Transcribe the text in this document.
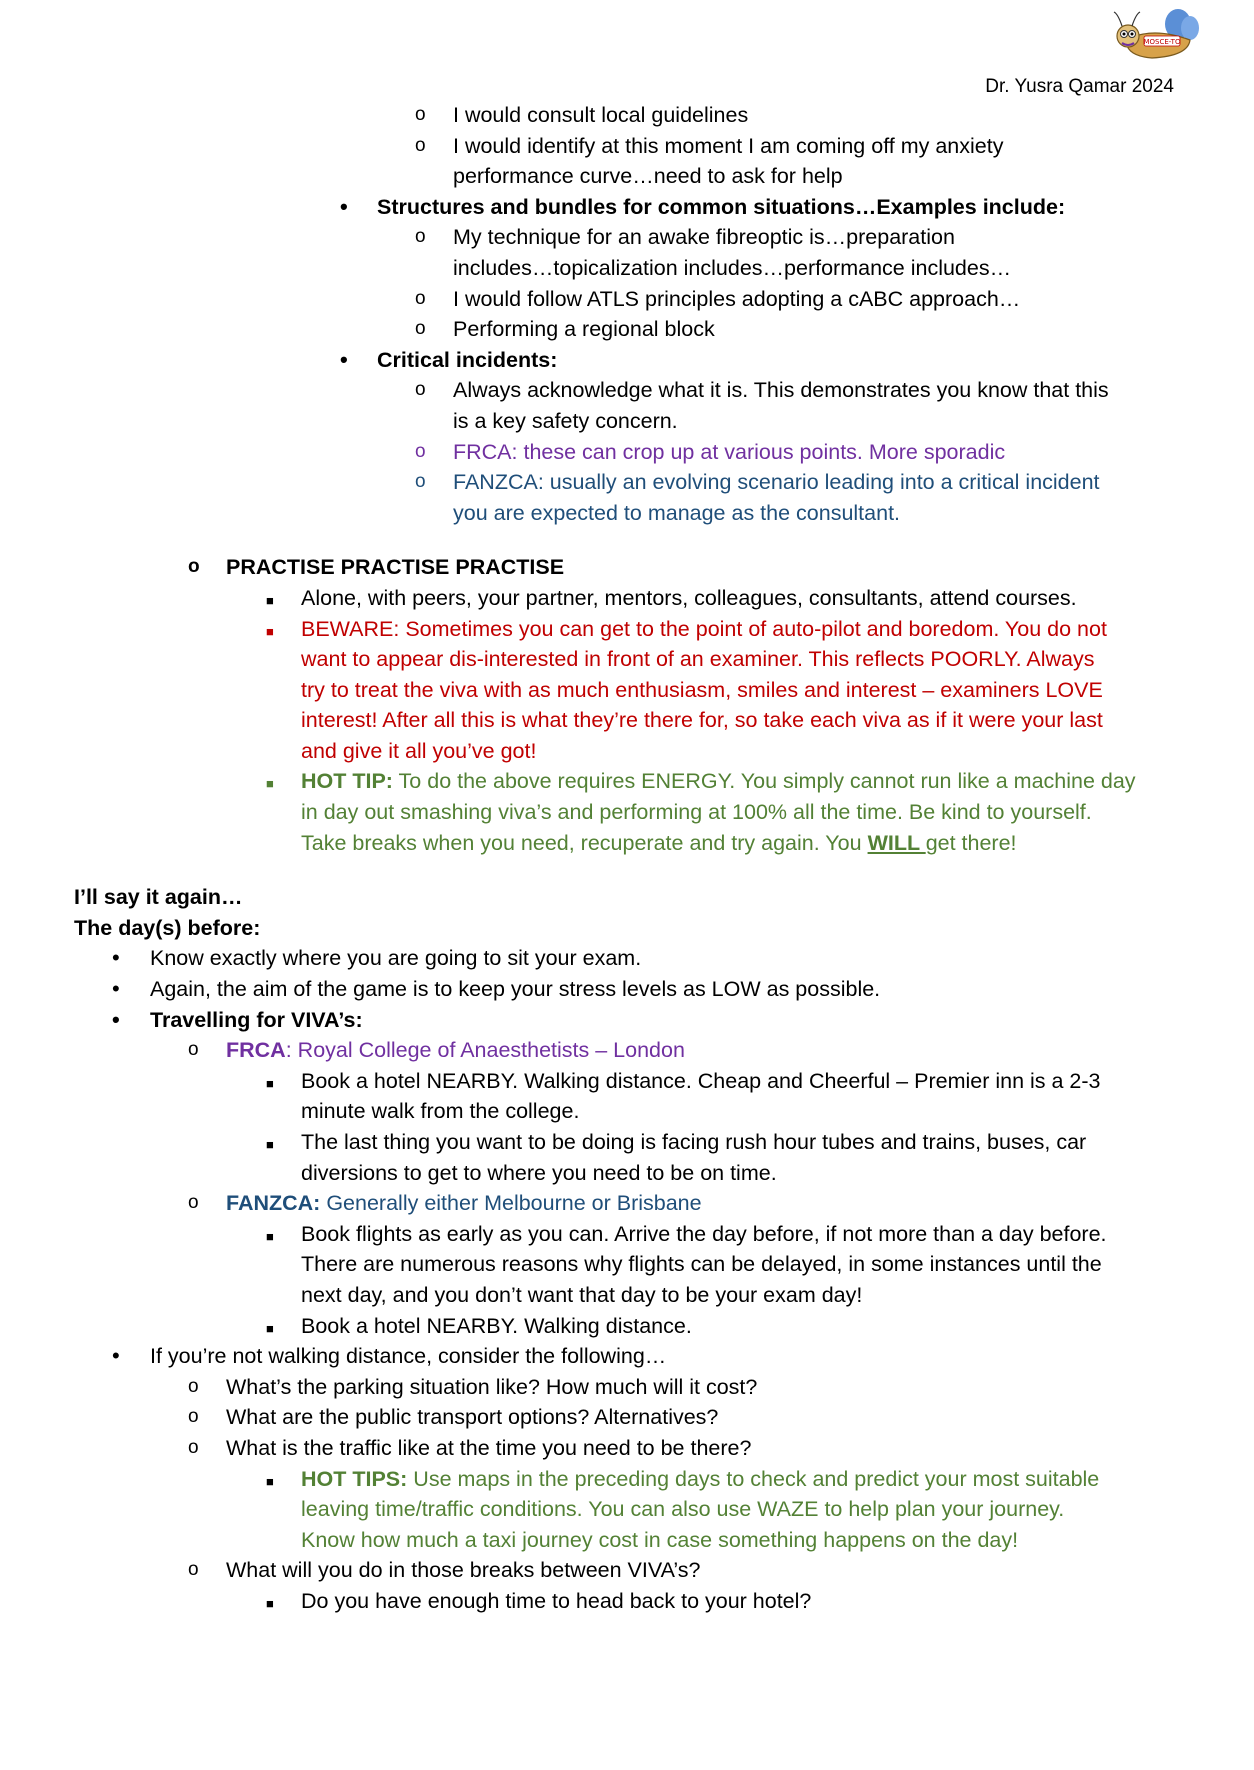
MOSCE-TO
Dr. Yusra Qamar 2024
o I would consult local guidelines
o I would identify at this moment I am coming off my anxiety
performance curve…need to ask for help
• Structures and bundles for common situations…Examples include:
o My technique for an awake fibreoptic is…preparation
includes…topicalization includes…performance includes…
o I would follow ATLS principles adopting a cABC approach…
o Performing a regional block
• Critical incidents:
o Always acknowledge what it is. This demonstrates you know that this
is a key safety concern.
o FRCA: these can crop up at various points. More sporadic
o FANZCA: usually an evolving scenario leading into a critical incident
you are expected to manage as the consultant.
o PRACTISE PRACTISE PRACTISE
■ Alone, with peers, your partner, mentors, colleagues, consultants, attend courses.
■ BEWARE: Sometimes you can get to the point of auto-pilot and boredom. You do not
want to appear dis-interested in front of an examiner. This reflects POORLY. Always
try to treat the viva with as much enthusiasm, smiles and interest – examiners LOVE
interest! After all this is what they’re there for, so take each viva as if it were your last
and give it all you’ve got!
■ HOT TIP: To do the above requires ENERGY. You simply cannot run like a machine day
in day out smashing viva’s and performing at 100% all the time. Be kind to yourself.
Take breaks when you need, recuperate and try again. You WILL get there!
I’ll say it again…
The day(s) before:
• Know exactly where you are going to sit your exam.
• Again, the aim of the game is to keep your stress levels as LOW as possible.
• Travelling for VIVA’s:
o FRCA: Royal College of Anaesthetists – London
■ Book a hotel NEARBY. Walking distance. Cheap and Cheerful – Premier inn is a 2-3
minute walk from the college.
■ The last thing you want to be doing is facing rush hour tubes and trains, buses, car
diversions to get to where you need to be on time.
o FANZCA: Generally either Melbourne or Brisbane
■ Book flights as early as you can. Arrive the day before, if not more than a day before.
There are numerous reasons why flights can be delayed, in some instances until the
next day, and you don’t want that day to be your exam day!
■ Book a hotel NEARBY. Walking distance.
• If you’re not walking distance, consider the following…
o What’s the parking situation like? How much will it cost?
o What are the public transport options? Alternatives?
o What is the traffic like at the time you need to be there?
■ HOT TIPS: Use maps in the preceding days to check and predict your most suitable
leaving time/traffic conditions. You can also use WAZE to help plan your journey.
Know how much a taxi journey cost in case something happens on the day!
o What will you do in those breaks between VIVA’s?
■ Do you have enough time to head back to your hotel?
